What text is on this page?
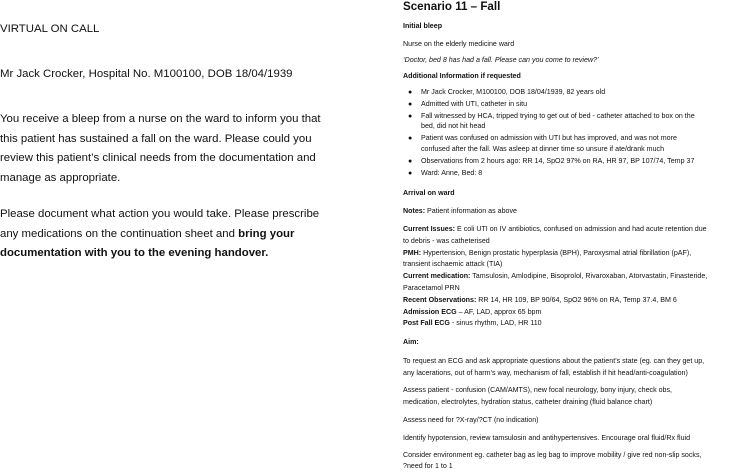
VIRTUAL ON CALL
Mr Jack Crocker, Hospital No. M100100, DOB 18/04/1939
You receive a bleep from a nurse on the ward to inform you that
this patient has sustained a fall on the ward. Please could you
review this patient’s clinical needs from the documentation and
manage as appropriate.
Please document what action you would take. Please prescribe
any medications on the continuation sheet and bring your
documentation with you to the evening handover.
Scenario 11 – Fall
Initial bleep
Nurse on the elderly medicine ward
‘Doctor, bed 8 has had a fall. Please can you come to review?’
Additional Information if requested
● Mr Jack Crocker, M100100, DOB 18/04/1939, 82 years old
● Admitted with UTI, catheter in situ
● Fall witnessed by HCA, tripped trying to get out of bed - catheter attached to box on the
bed, did not hit head
● Patient was confused on admission with UTI but has improved, and was not more
confused after the fall. Was asleep at dinner time so unsure if ate/drank much
● Observations from 2 hours ago: RR 14, SpO2 97% on RA, HR 97, BP 107/74, Temp 37
● Ward: Anne, Bed: 8
Arrival on ward
Notes: Patient information as above
Current Issues: E coli UTI on IV antibiotics, confused on admission and had acute retention due
to debris - was catheterised
PMH: Hypertension, Benign prostatic hyperplasia (BPH), Paroxysmal atrial fibrillation (pAF),
transient ischaemic attack (TIA)
Current medication: Tamsulosin, Amlodipine, Bisoprolol, Rivaroxaban, Atorvastatin, Finasteride,
Paracetamol PRN
Recent Observations: RR 14, HR 109, BP 90/64, SpO2 96% on RA, Temp 37.4, BM 6
Admission ECG – AF, LAD, approx 65 bpm
Post Fall ECG - sinus rhythm, LAD, HR 110
Aim:
To request an ECG and ask appropriate questions about the patient’s state (eg. can they get up,
any lacerations, out of harm’s way, mechanism of fall, establish if hit head/anti-coagulation)
Assess patient - confusion (CAM/AMTS), new focal neurology, bony injury, check obs,
medication, electrolytes, hydration status, catheter draining (fluid balance chart)
Assess need for ?X-ray/?CT (no indication)
Identify hypotension, review tamsulosin and antihypertensives. Encourage oral fluid/Rx fluid
Consider environment eg. catheter bag as leg bag to improve mobility / give red non-slip socks,
?need for 1 to 1
